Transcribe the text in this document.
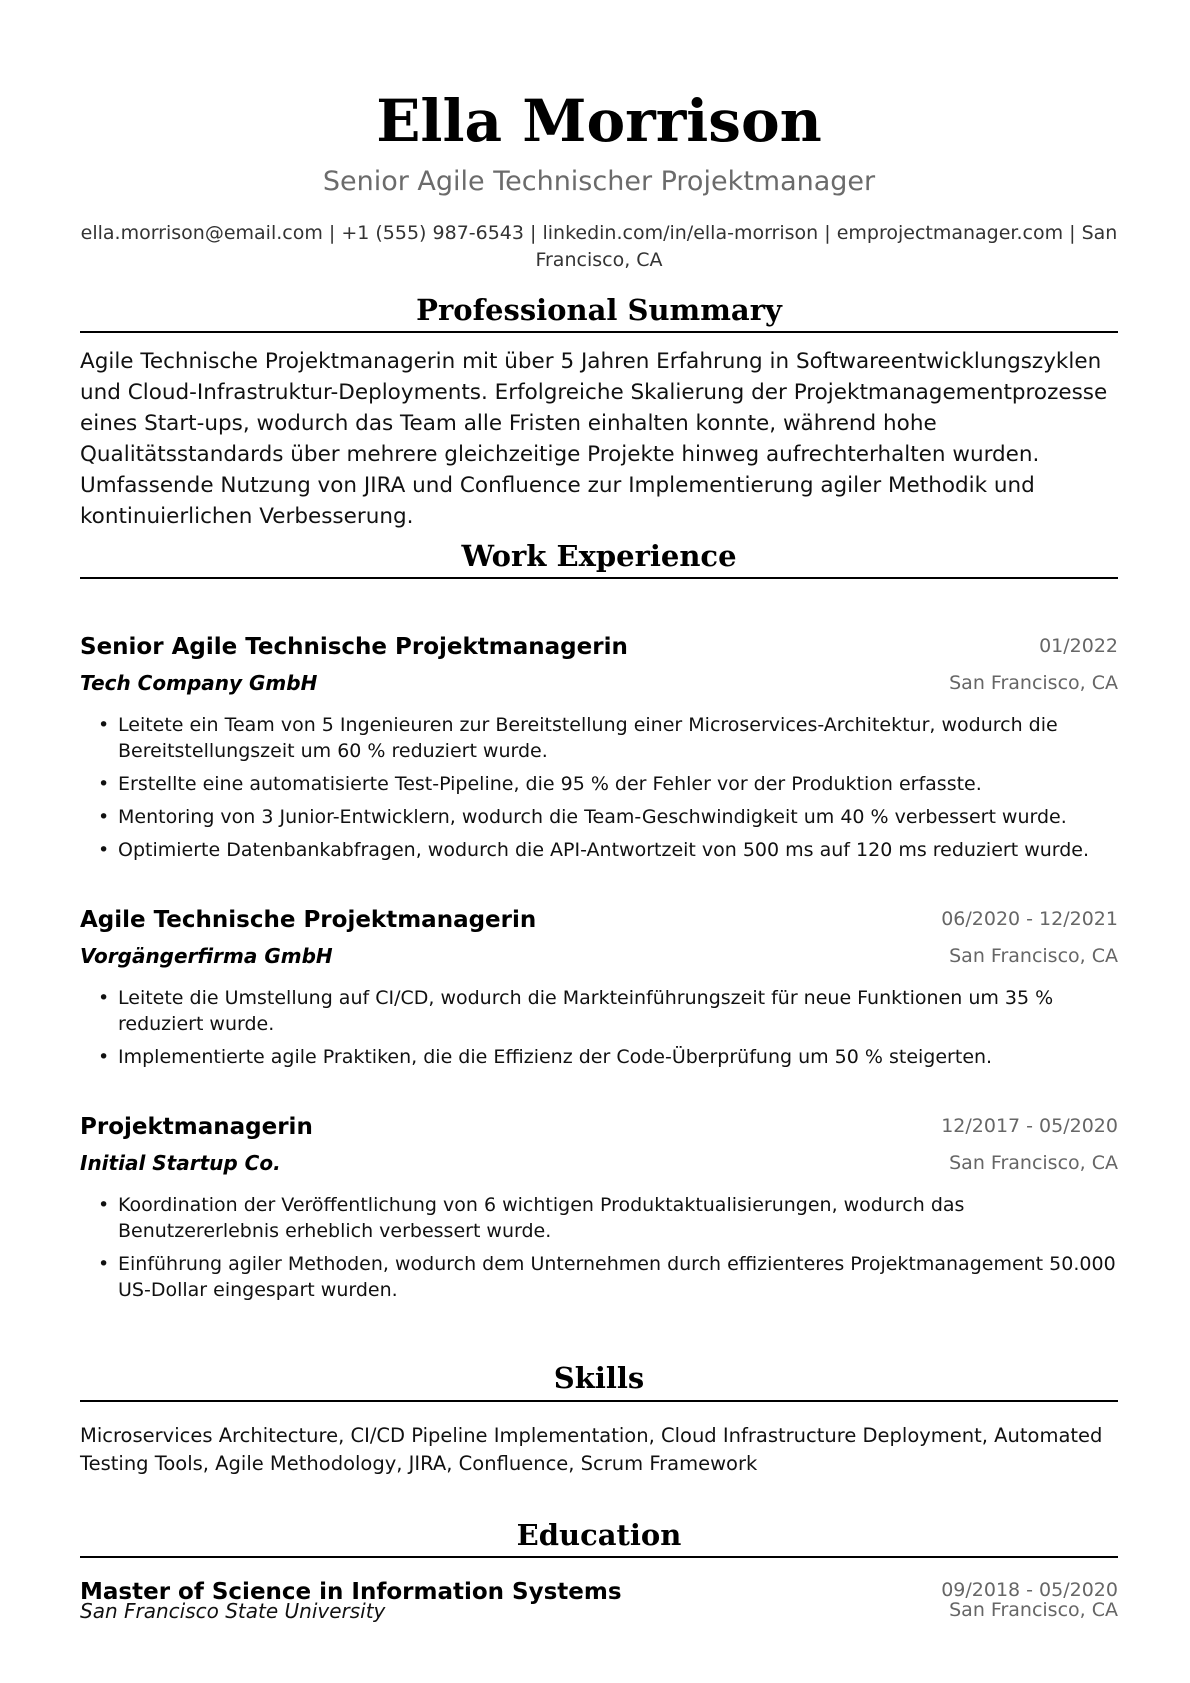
Ella Morrison
Senior Agile Technischer Projektmanager
ella.morrison@email.com | +1 (555) 987-6543 | linkedin.com/in/ella-morrison | emprojectmanager.com | San Francisco, CA
Professional Summary
Agile Technische Projektmanagerin mit über 5 Jahren Erfahrung in Softwareentwicklungszyklen und Cloud-Infrastruktur-Deployments. Erfolgreiche Skalierung der Projektmanagementprozesse eines Start-ups, wodurch das Team alle Fristen einhalten konnte, während hohe Qualitätsstandards über mehrere gleichzeitige Projekte hinweg aufrechterhalten wurden. Umfassende Nutzung von JIRA und Confluence zur Implementierung agiler Methodik und kontinuierlichen Verbesserung.
Work Experience
Senior Agile Technische Projektmanagerin	01/2022
Tech Company GmbH	San Francisco, CA
• Leitete ein Team von 5 Ingenieuren zur Bereitstellung einer Microservices-Architektur, wodurch die Bereitstellungszeit um 60 % reduziert wurde.
• Erstellte eine automatisierte Test-Pipeline, die 95 % der Fehler vor der Produktion erfasste.
• Mentoring von 3 Junior-Entwicklern, wodurch die Team-Geschwindigkeit um 40 % verbessert wurde.
• Optimierte Datenbankabfragen, wodurch die API-Antwortzeit von 500 ms auf 120 ms reduziert wurde.
Agile Technische Projektmanagerin	06/2020 - 12/2021
Vorgängerfirma GmbH	San Francisco, CA
• Leitete die Umstellung auf CI/CD, wodurch die Markteinführungszeit für neue Funktionen um 35 % reduziert wurde.
• Implementierte agile Praktiken, die die Effizienz der Code-Überprüfung um 50 % steigerten.
Projektmanagerin	12/2017 - 05/2020
Initial Startup Co.	San Francisco, CA
• Koordination der Veröffentlichung von 6 wichtigen Produktaktualisierungen, wodurch das Benutzererlebnis erheblich verbessert wurde.
• Einführung agiler Methoden, wodurch dem Unternehmen durch effizienteres Projektmanagement 50.000 US-Dollar eingespart wurden.
Skills
Microservices Architecture, CI/CD Pipeline Implementation, Cloud Infrastructure Deployment, Automated Testing Tools, Agile Methodology, JIRA, Confluence, Scrum Framework
Education
Master of Science in Information Systems	09/2018 - 05/2020
San Francisco State University	San Francisco, CA
